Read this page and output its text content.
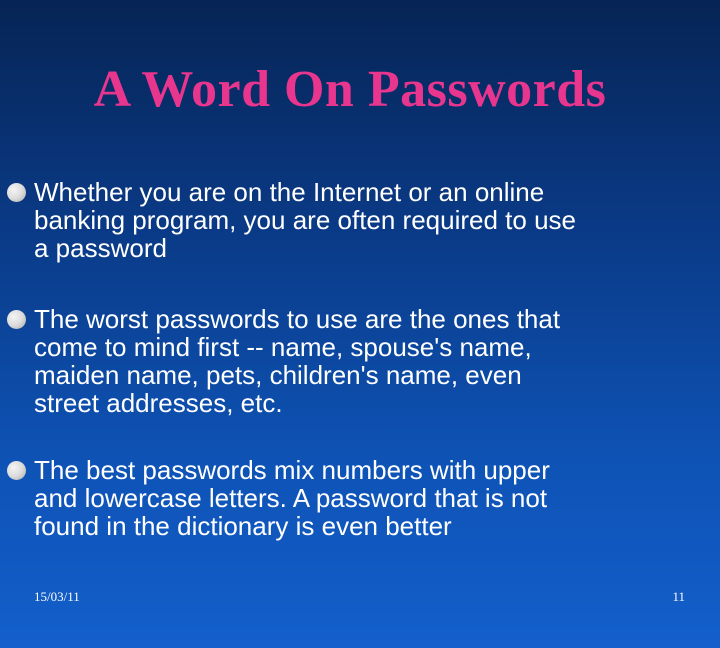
A Word On Passwords
Whether you are on the Internet or an online
banking program, you are often required to use
a password
The worst passwords to use are the ones that
come to mind first -- name, spouse's name,
maiden name, pets, children's name, even
street addresses, etc.
The best passwords mix numbers with upper
and lowercase letters. A password that is not
found in the dictionary is even better
15/03/11	11
